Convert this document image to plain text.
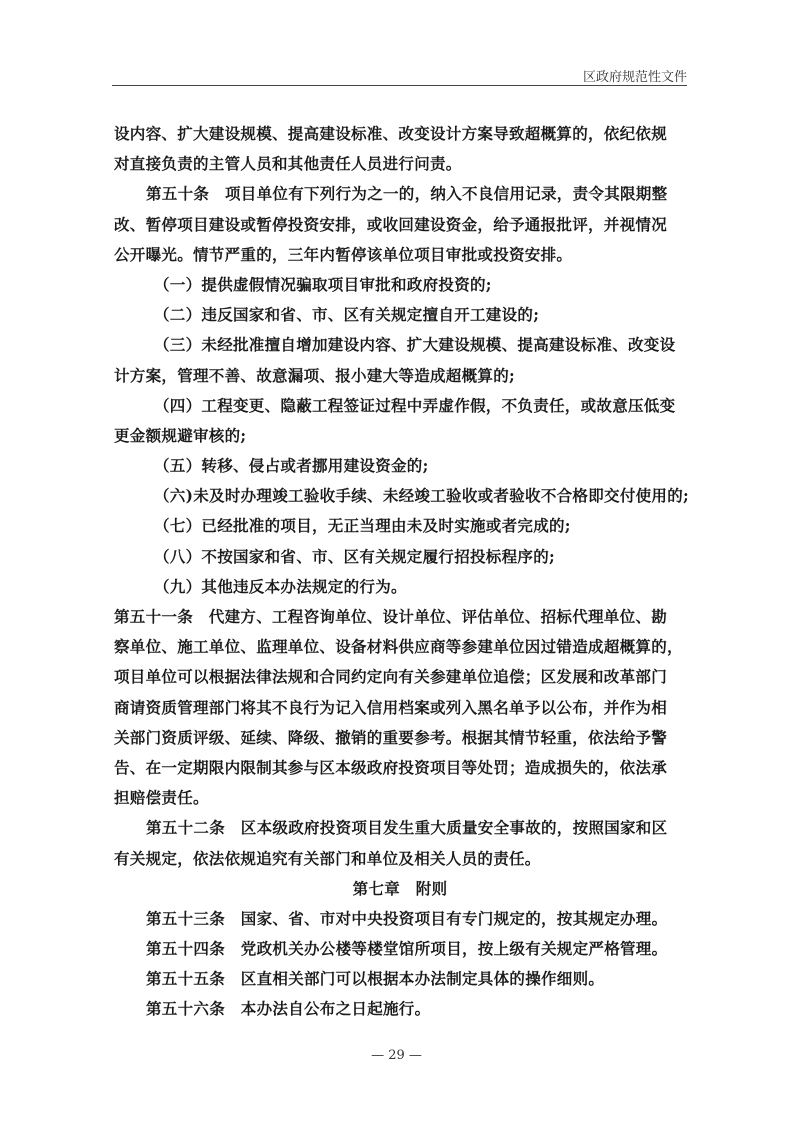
区政府规范性文件

设内容、扩大建设规模、提高建设标准、改变设计方案导致超概算的，依纪依规

对直接负责的主管人员和其他责任人员进行问责。

第五十条　项目单位有下列行为之一的，纳入不良信用记录，责令其限期整

改、暂停项目建设或暂停投资安排，或收回建设资金，给予通报批评，并视情况

公开曝光。情节严重的，三年内暂停该单位项目审批或投资安排。

（一）提供虚假情况骗取项目审批和政府投资的;

（二）违反国家和省、市、区有关规定擅自开工建设的;

（三）未经批准擅自增加建设内容、扩大建设规模、提高建设标准、改变设

计方案，管理不善、故意漏项、报小建大等造成超概算的;

（四）工程变更、隐蔽工程签证过程中弄虚作假，不负责任，或故意压低变

更金额规避审核的;

（五）转移、侵占或者挪用建设资金的;

（六)未及时办理竣工验收手续、未经竣工验收或者验收不合格即交付使用的;

（七）已经批准的项目，无正当理由未及时实施或者完成的;

（八）不按国家和省、市、区有关规定履行招投标程序的;

（九）其他违反本办法规定的行为。

第五十一条　代建方、工程咨询单位、设计单位、评估单位、招标代理单位、勘

察单位、施工单位、监理单位、设备材料供应商等参建单位因过错造成超概算的，

项目单位可以根据法律法规和合同约定向有关参建单位追偿；区发展和改革部门

商请资质管理部门将其不良行为记入信用档案或列入黑名单予以公布，并作为相

关部门资质评级、延续、降级、撤销的重要参考。根据其情节轻重，依法给予警

告、在一定期限内限制其参与区本级政府投资项目等处罚；造成损失的，依法承

担赔偿责任。

第五十二条　区本级政府投资项目发生重大质量安全事故的，按照国家和区

有关规定，依法依规追究有关部门和单位及相关人员的责任。

第七章　附则

第五十三条　国家、省、市对中央投资项目有专门规定的，按其规定办理。

第五十四条　党政机关办公楼等楼堂馆所项目，按上级有关规定严格管理。

第五十五条　区直相关部门可以根据本办法制定具体的操作细则。

第五十六条　本办法自公布之日起施行。

— 29 —
